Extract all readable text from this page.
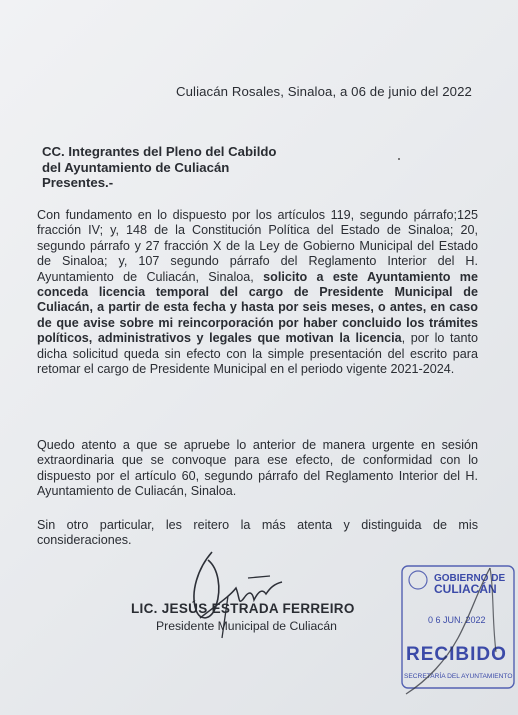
Culiacán Rosales, Sinaloa, a 06 de junio del 2022
CC. Integrantes del Pleno del Cabildo
del Ayuntamiento de Culiacán
Presentes.-
Con fundamento en lo dispuesto por los artículos 119, segundo párrafo;125 fracción IV; y, 148 de la Constitución Política del Estado de Sinaloa; 20, segundo párrafo y 27 fracción X de la Ley de Gobierno Municipal del Estado de Sinaloa; y, 107 segundo párrafo del Reglamento Interior del H. Ayuntamiento de Culiacán, Sinaloa, solicito a este Ayuntamiento me conceda licencia temporal del cargo de Presidente Municipal de Culiacán, a partir de esta fecha y hasta por seis meses, o antes, en caso de que avise sobre mi reincorporación por haber concluido los trámites políticos, administrativos y legales que motivan la licencia, por lo tanto dicha solicitud queda sin efecto con la simple presentación del escrito para retomar el cargo de Presidente Municipal en el periodo vigente 2021-2024.
Quedo atento a que se apruebe lo anterior de manera urgente en sesión extraordinaria que se convoque para ese efecto, de conformidad con lo dispuesto por el artículo 60, segundo párrafo del Reglamento Interior del H. Ayuntamiento de Culiacán, Sinaloa.
Sin otro particular, les reitero la más atenta y distinguida de mis consideraciones.
LIC. JESÚS ESTRADA FERREIRO
Presidente Municipal de Culiacán
GOBIERNO DE
CULIACÁN
0 6 JUN. 2022
RECIBIDO
SECRETARÍA DEL AYUNTAMIENTO
